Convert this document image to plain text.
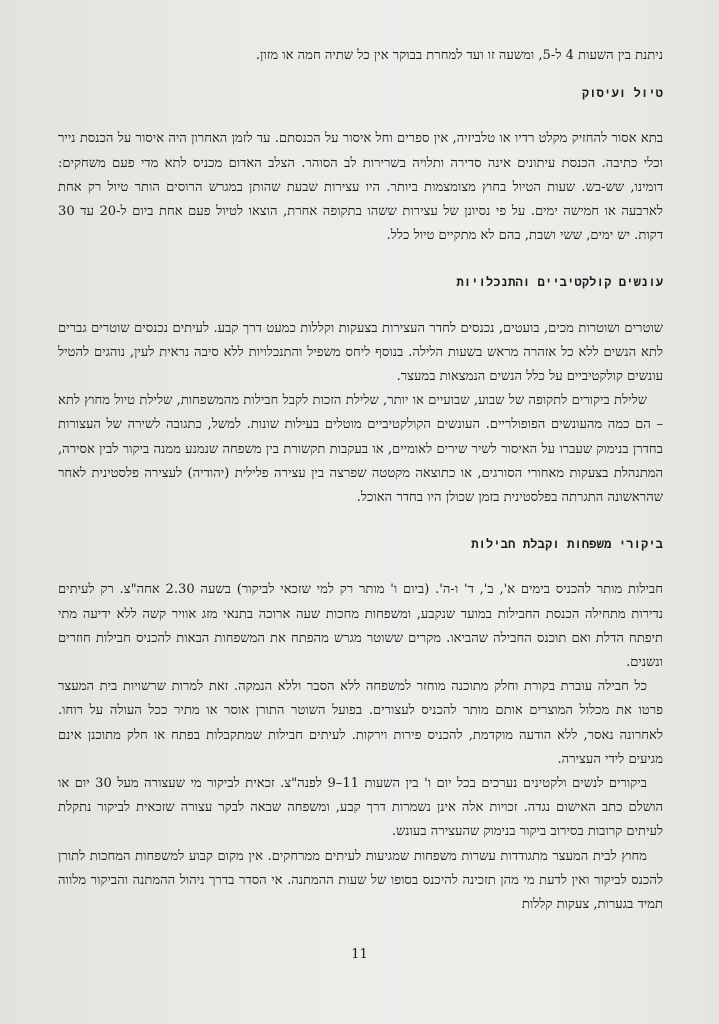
ניתנת בין השעות 4 ל-5, ומשעה זו ועד למחרת בבוקר אין כל שתיה חמה או מזון.

טיול ועיסוק

בתא אסור להחזיק מקלט רדיו או טלביזיה, אין ספרים וחל איסור על הכנסתם. עד לזמן האחרון היה איסור על הכנסת נייר וכלי כתיבה. הכנסת עיתונים אינה סדירה ותלויה בשרירות לב הסוהר. הצלב האדום מכניס לתא מדי פעם משחקים: דומינו, שש-בש. שעות הטיול בחוץ מצומצמות ביותר. היו עצירות שבעת שהותן במגרש הרוסים הותר טיול רק אחת לארבעה או חמישה ימים. על פי נסיונן של עצירות ששהו בתקופה אחרת, הוצאו לטיול פעם אחת ביום ל-20 עד 30 דקות. יש ימים, ששי ושבת, בהם לא מתקיים טיול כלל.

עונשים קולקטיביים והתנכלויות

שוטרים ושוטרות מכים, בועטים, נכנסים לחדר העצירות בצעקות וקללות כמעט דרך קבע. לעיתים נכנסים שוטרים גברים לתא הנשים ללא כל אזהרה מראש בשעות הלילה. בנוסף ליחס משפיל והתנכלויות ללא סיבה נראית לעין, נוהגים להטיל עונשים קולקטיביים על כלל הנשים הנמצאות במעצר.

שלילת ביקורים לתקופה של שבוע, שבועיים או יותר, שלילת הזכות לקבל חבילות מהמשפחות, שלילת טיול מחוץ לתא – הם כמה מהעונשים הפופולריים. העונשים הקולקטיביים מוטלים בעילות שונות. למשל, כתגובה לשירה של העצורות בחדרן בנימוק שעברו על האיסור לשיר שירים לאומיים, או בעקבות תקשורת בין משפחה שנמנע ממנה ביקור לבין אסירה, המתנהלת בצעקות מאחורי הסורגים, או כתוצאה מקטטה שפרצה בין עצירה פלילית (יהודיה) לעצירה פלסטינית לאחר שהראשונה התגרתה בפלסטינית בזמן שכולן היו בחדר האוכל.

ביקורי משפחות וקבלת חבילות

חבילות מותר להכניס בימים א', ב', ד' ו-ה'. (ביום ו' מותר רק למי שזכאי לביקור) בשעה 2.30 אחה"צ. רק לעיתים נדירות מתחילה הכנסת החבילות במועד שנקבע, ומשפחות מחכות שעה ארוכה בתנאי מזג אוויר קשה ללא ידיעה מתי תיפתח הדלת ואם תוכנס החבילה שהביאו. מקרים ששוטר מגרש מהפתח את המשפחות הבאות להכניס חבילות חוזרים ונשנים.

כל חבילה עוברת בקורת וחלק מתוכנה מוחזר למשפחה ללא הסבר וללא הנמקה. זאת למרות שרשויות בית המעצר פרטו את מכלול המוצרים אותם מותר להכניס לעצורים. בפועל השוטר התורן אוסר או מתיר ככל העולה על רוחו. לאחרונה נאסר, ללא הודעה מוקדמת, להכניס פירות וירקות. לעיתים חבילות שמתקבלות בפתח או חלק מתוכנן אינם מגיעים לידי העצירה.

ביקורים לנשים ולקטינים נערכים בכל יום ו' בין השעות 11–9 לפנה"צ. זכאית לביקור מי שעצורה מעל 30 יום או הושלם כתב האישום נגדה. זכויות אלה אינן נשמרות דרך קבע, ומשפחה שבאה לבקר עצורה שזכאית לביקור נתקלת לעיתים קרובות בסירוב ביקור בנימוק שהעצירה בעונש.

מחוץ לבית המעצר מתגודדות עשרות משפחות שמגיעות לעיתים ממרחקים. אין מקום קבוע למשפחות המחכות לתורן להכנס לביקור ואין לדעת מי מהן תזכינה להיכנס בסופו של שעות ההמתנה. אי הסדר בדרך ניהול ההמתנה והביקור מלווה תמיד בגערות, צעקות קללות

11
